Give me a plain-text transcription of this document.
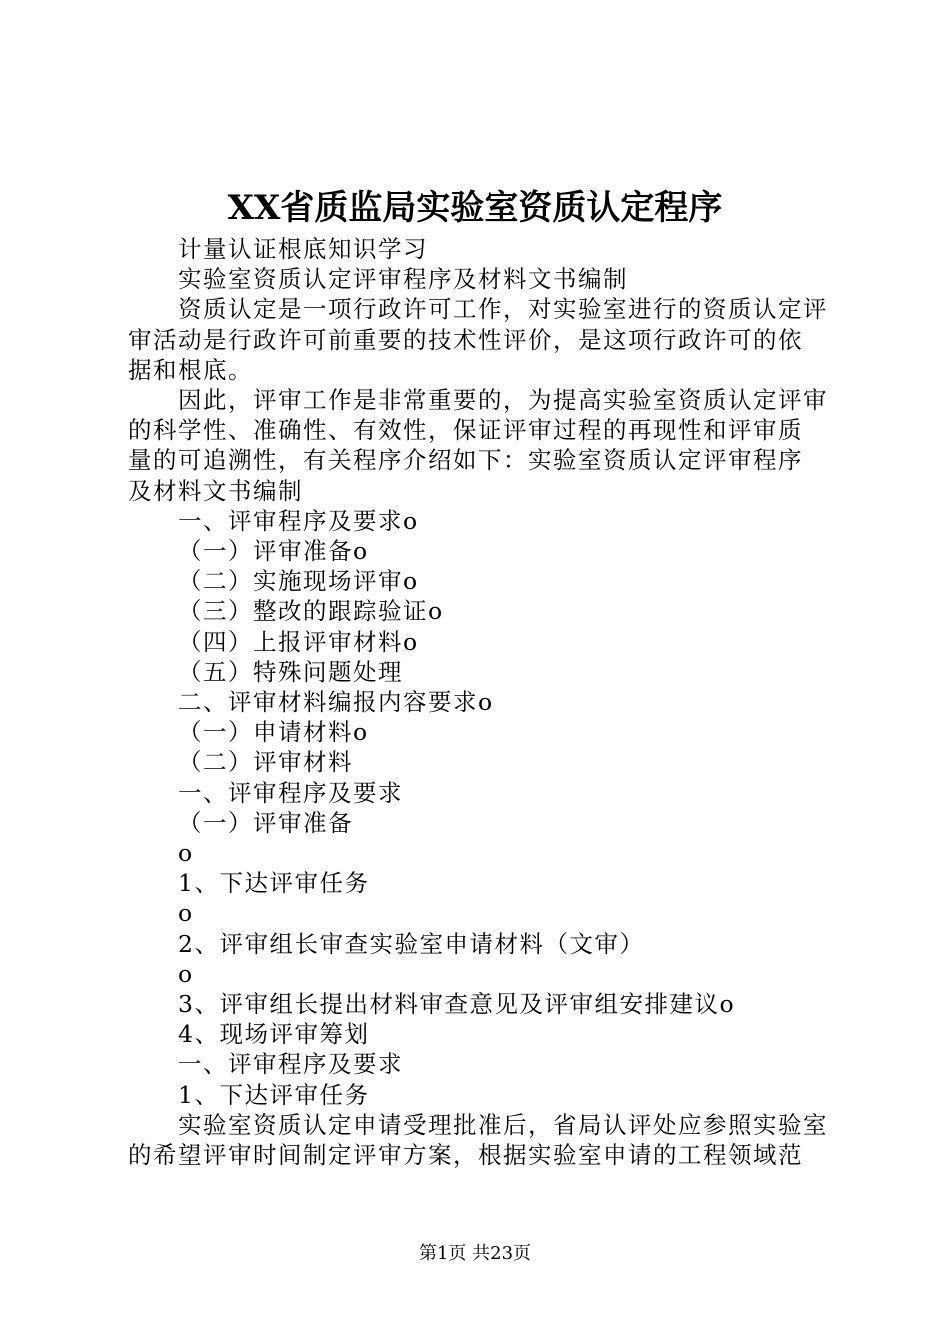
XX省质监局实验室资质认定程序
计量认证根底知识学习
实验室资质认定评审程序及材料文书编制
资质认定是一项行政许可工作，对实验室进行的资质认定评
审活动是行政许可前重要的技术性评价，是这项行政许可的依
据和根底。
因此，评审工作是非常重要的，为提高实验室资质认定评审
的科学性、准确性、有效性，保证评审过程的再现性和评审质
量的可追溯性，有关程序介绍如下：实验室资质认定评审程序
及材料文书编制
一、评审程序及要求o
（一）评审准备o
（二）实施现场评审o
（三）整改的跟踪验证o
（四）上报评审材料o
（五）特殊问题处理
二、评审材料编报内容要求o
（一）申请材料o
（二）评审材料
一、评审程序及要求
（一）评审准备
o
1、下达评审任务
o
2、评审组长审查实验室申请材料（文审）
o
3、评审组长提出材料审查意见及评审组安排建议o
4、现场评审筹划
一、评审程序及要求
1、下达评审任务
实验室资质认定申请受理批准后，省局认评处应参照实验室
的希望评审时间制定评审方案，根据实验室申请的工程领域范
第1页 共23页
